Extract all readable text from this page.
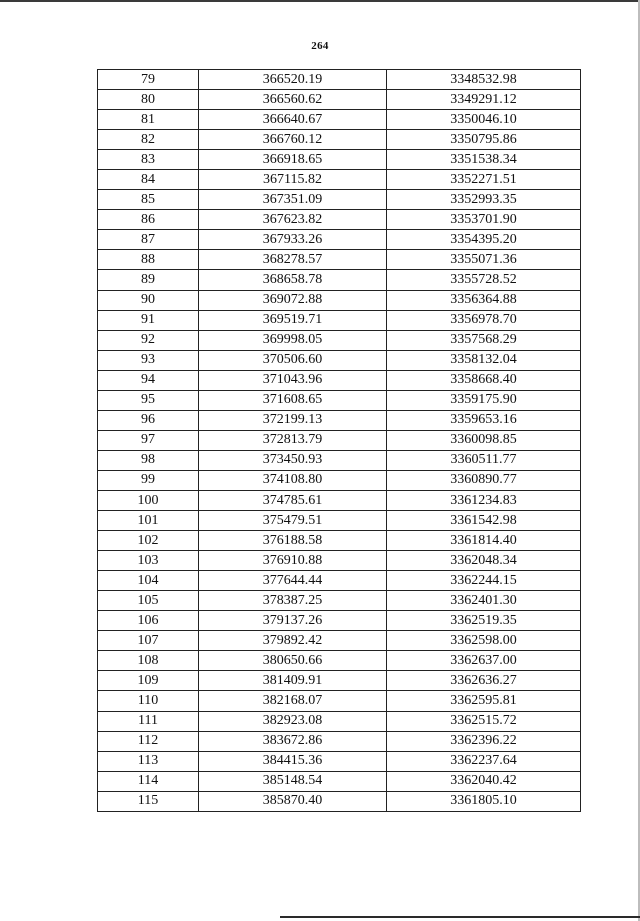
264
79	366520.19	3348532.98
80	366560.62	3349291.12
81	366640.67	3350046.10
82	366760.12	3350795.86
83	366918.65	3351538.34
84	367115.82	3352271.51
85	367351.09	3352993.35
86	367623.82	3353701.90
87	367933.26	3354395.20
88	368278.57	3355071.36
89	368658.78	3355728.52
90	369072.88	3356364.88
91	369519.71	3356978.70
92	369998.05	3357568.29
93	370506.60	3358132.04
94	371043.96	3358668.40
95	371608.65	3359175.90
96	372199.13	3359653.16
97	372813.79	3360098.85
98	373450.93	3360511.77
99	374108.80	3360890.77
100	374785.61	3361234.83
101	375479.51	3361542.98
102	376188.58	3361814.40
103	376910.88	3362048.34
104	377644.44	3362244.15
105	378387.25	3362401.30
106	379137.26	3362519.35
107	379892.42	3362598.00
108	380650.66	3362637.00
109	381409.91	3362636.27
110	382168.07	3362595.81
111	382923.08	3362515.72
112	383672.86	3362396.22
113	384415.36	3362237.64
114	385148.54	3362040.42
115	385870.40	3361805.10
